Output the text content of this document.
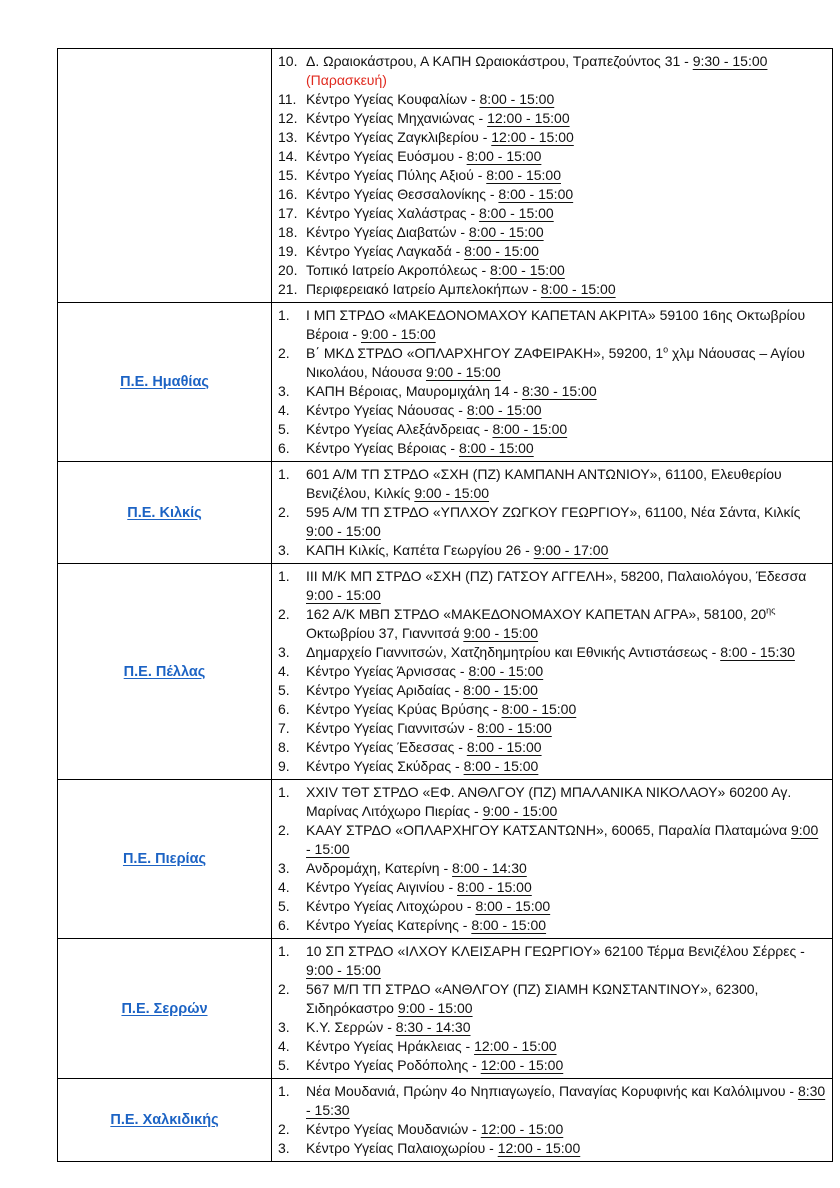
10. Δ. Ωραιοκάστρου, Α ΚΑΠΗ Ωραιοκάστρου, Τραπεζούντος 31 - 9:30 - 15:00
(Παρασκευή)
11. Κέντρο Υγείας Κουφαλίων - 8:00 - 15:00
12. Κέντρο Υγείας Μηχανιώνας - 12:00 - 15:00
13. Κέντρο Υγείας Ζαγκλιβερίου - 12:00 - 15:00
14. Κέντρο Υγείας Ευόσμου - 8:00 - 15:00
15. Κέντρο Υγείας Πύλης Αξιού - 8:00 - 15:00
16. Κέντρο Υγείας Θεσσαλονίκης - 8:00 - 15:00
17. Κέντρο Υγείας Χαλάστρας - 8:00 - 15:00
18. Κέντρο Υγείας Διαβατών - 8:00 - 15:00
19. Κέντρο Υγείας Λαγκαδά - 8:00 - 15:00
20. Τοπικό Ιατρείο Ακροπόλεως - 8:00 - 15:00
21. Περιφερειακό Ιατρείο Αμπελοκήπων - 8:00 - 15:00

Π.Ε. Ημαθίας	
1.	Ι ΜΠ ΣΤΡΔΟ «ΜΑΚΕΔΟΝΟΜΑΧΟΥ ΚΑΠΕΤΑΝ ΑΚΡΙΤΑ» 59100 16ης Οκτωβρίου Βέροια - 9:00 - 15:00
2.	Β΄ ΜΚΔ ΣΤΡΔΟ «ΟΠΛΑΡΧΗΓΟΥ ΖΑΦΕΙΡΑΚΗ», 59200, $1^o$ χλμ Νάουσας – Αγίου Νικολάου, Νάουσα 9:00 - 15:00
3.	ΚΑΠΗ Βέροιας, Μαυρομιχάλη 14 - 8:30 - 15:00
4.	Κέντρο Υγείας Νάουσας - 8:00 - 15:00
5.	Κέντρο Υγείας Αλεξάνδρειας - 8:00 - 15:00
6.	Κέντρο Υγείας Βέροιας - 8:00 - 15:00

Π.Ε. Κιλκίς	
1.	601 Α/Μ ΤΠ ΣΤΡΔΟ «ΣΧΗ (ΠΖ) ΚΑΜΠΑΝΗ ΑΝΤΩΝΙΟΥ», 61100, Ελευθερίου Βενιζέλου, Κιλκίς 9:00 - 15:00
2.	595 Α/Μ ΤΠ ΣΤΡΔΟ «ΥΠΛΧΟΥ ΖΩΓΚΟΥ ΓΕΩΡΓΙΟΥ», 61100, Νέα Σάντα, Κιλκίς 9:00 - 15:00
3.	ΚΑΠΗ Κιλκίς, Καπέτα Γεωργίου 26 - 9:00 - 17:00

Π.Ε. Πέλλας	
1.	ΙΙΙ Μ/Κ ΜΠ ΣΤΡΔΟ «ΣΧΗ (ΠΖ) ΓΑΤΣΟΥ ΑΓΓΕΛΗ», 58200, Παλαιολόγου, Έδεσσα 9:00 - 15:00
2.	162 Α/Κ ΜΒΠ ΣΤΡΔΟ «ΜΑΚΕΔΟΝΟΜΑΧΟΥ ΚΑΠΕΤΑΝ ΑΓΡΑ», 58100, $20^{\eta\varsigma}$ Οκτωβρίου 37, Γιαννιτσά 9:00 - 15:00
3.	Δημαρχείο Γιαννιτσών, Χατζηδημητρίου και Εθνικής Αντιστάσεως - 8:00 - 15:30
4.	Κέντρο Υγείας Άρνισσας - 8:00 - 15:00
5.	Κέντρο Υγείας Αριδαίας - 8:00 - 15:00
6.	Κέντρο Υγείας Κρύας Βρύσης - 8:00 - 15:00
7.	Κέντρο Υγείας Γιαννιτσών - 8:00 - 15:00
8.	Κέντρο Υγείας Έδεσσας - 8:00 - 15:00
9.	Κέντρο Υγείας Σκύδρας - 8:00 - 15:00

Π.Ε. Πιερίας	
1.	XXIV ΤΘΤ ΣΤΡΔΟ «ΕΦ. ΑΝΘΛΓΟΥ (ΠΖ) ΜΠΑΛΑΝΙΚΑ ΝΙΚΟΛΑΟΥ» 60200 Αγ. Μαρίνας Λιτόχωρο Πιερίας - 9:00 - 15:00
2.	ΚΑΑΥ ΣΤΡΔΟ «ΟΠΛΑΡΧΗΓΟΥ ΚΑΤΣΑΝΤΩΝΗ», 60065, Παραλία Πλαταμώνα 9:00 - 15:00
3.	Ανδρομάχη, Κατερίνη - 8:00 - 14:30
4.	Κέντρο Υγείας Αιγινίου - 8:00 - 15:00
5.	Κέντρο Υγείας Λιτοχώρου - 8:00 - 15:00
6.	Κέντρο Υγείας Κατερίνης - 8:00 - 15:00

Π.Ε. Σερρών	
1.	10 ΣΠ ΣΤΡΔΟ «ΙΛΧΟΥ ΚΛΕΙΣΑΡΗ ΓΕΩΡΓΙΟΥ» 62100 Τέρμα Βενιζέλου Σέρρες - 9:00 - 15:00
2.	567 Μ/Π ΤΠ ΣΤΡΔΟ «ΑΝΘΛΓΟΥ (ΠΖ) ΣΙΑΜΗ ΚΩΝΣΤΑΝΤΙΝΟΥ», 62300, Σιδηρόκαστρο 9:00 - 15:00
3.	Κ.Υ. Σερρών - 8:30 - 14:30
4.	Κέντρο Υγείας Ηράκλειας - 12:00 - 15:00
5.	Κέντρο Υγείας Ροδόπολης - 12:00 - 15:00

Π.Ε. Χαλκιδικής	
1.	Νέα Μουδανιά, Πρώην 4ο Νηπιαγωγείο, Παναγίας Κορυφινής και Καλόλιμνου - 8:30 - 15:30
2.	Κέντρο Υγείας Μουδανιών - 12:00 - 15:00
3.	Κέντρο Υγείας Παλαιοχωρίου - 12:00 - 15:00
